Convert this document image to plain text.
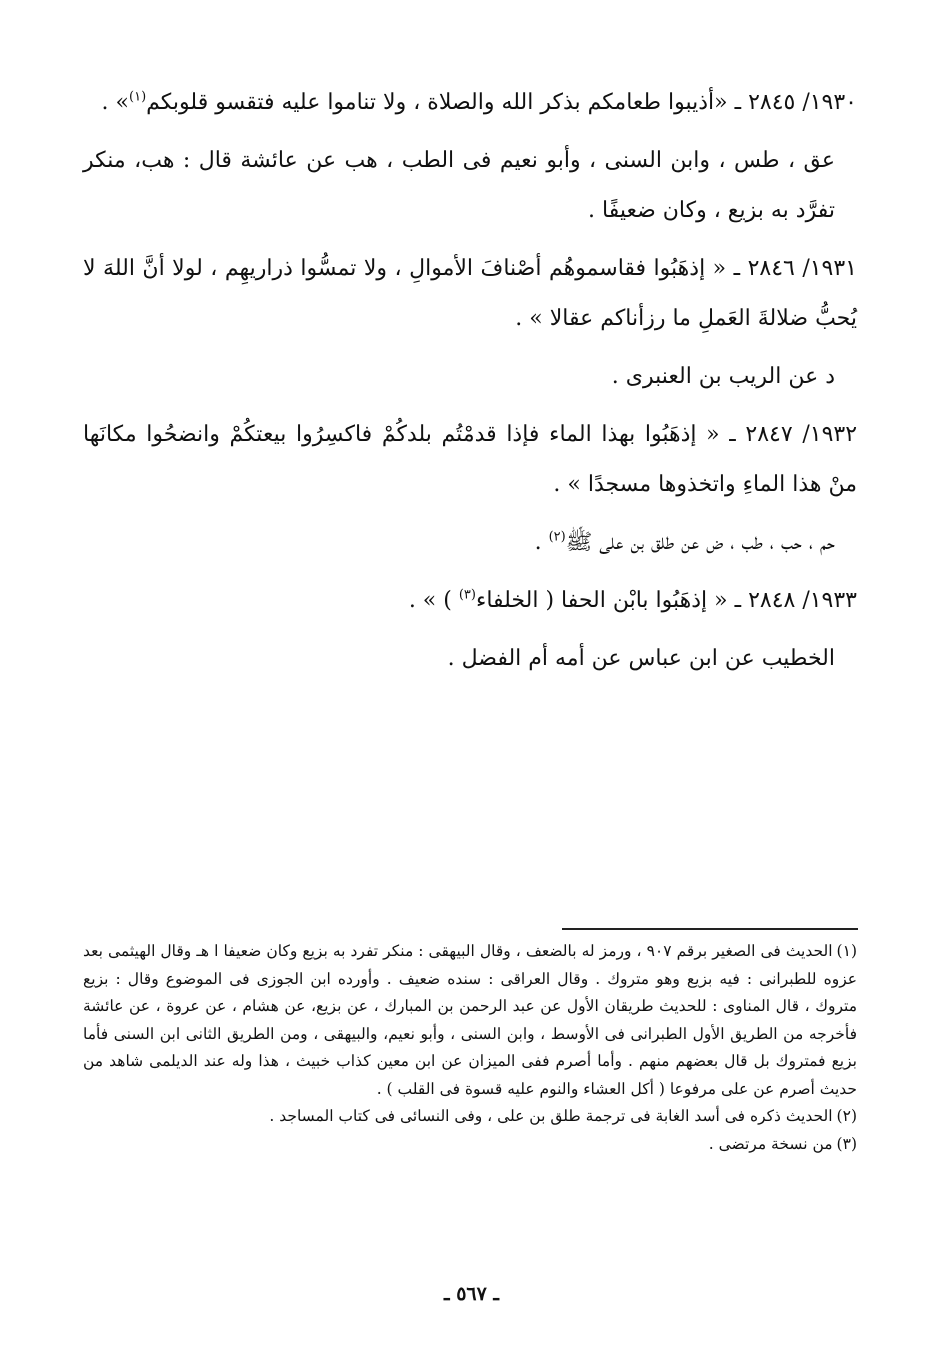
١٩٣٠/ ٢٨٤٥ ـ «أذيبوا طعامكم بذكر الله والصلاة ، ولا تناموا عليه فتقسو قلوبكم$^{(١)}$» .

عق ، طس ، وابن السنى ، وأبو نعيم فى الطب ، هب عن عائشة قال : هب، منكر تفرَّد به بزيع ، وكان ضعيفًا .

١٩٣١/ ٢٨٤٦ ـ « إذهَبُوا فقاسموهُم أصْنافَ الأموالِ ، ولا تمسُّوا ذراريهِم ، لولا أنَّ اللهَ لا يُحبُّ ضلالةَ العَملِ ما رزأناكم عقالا » .

د عن الريب بن العنبرى .

١٩٣٢/ ٢٨٤٧ ـ « إذهَبُوا بهذا الماء فإذا قدمْتُم بلدكُمْ فاكسِرُوا بيعتكُمْ وانضحُوا مكانَها منْ هذا الماءِ واتخذوها مسجدًا » .

حم ، حب ، طب ، ض عن طلق بن على ﷺ$^{(٢)}$ .

١٩٣٣/ ٢٨٤٨ ـ « إذهَبُوا بابْن الحفا ( الخلفاء$^{(٣)}$ ) » .

الخطيب عن ابن عباس عن أمه أم الفضل .

(١)الحديث فى الصغير برقم ٩٠٧ ، ورمز له بالضعف ، وقال البيهقى : منكر تفرد به بزيع وكان ضعيفا ا هـ وقال الهيثمى بعد عزوه للطبرانى : فيه بزيع وهو متروك . وقال العراقى : سنده ضعيف . وأورده ابن الجوزى فى الموضوع وقال : بزيع متروك ، قال المناوى : للحديث طريقان الأول عن عبد الرحمن بن المبارك ، عن بزيع، عن هشام ، عن عروة ، عن عائشة فأخرجه من الطريق الأول الطبرانى فى الأوسط ، وابن السنى ، وأبو نعيم، والبيهقى ، ومن الطريق الثانى ابن السنى فأما بزيع فمتروك بل قال بعضهم منهم . وأما أصرم ففى الميزان عن ابن معين كذاب خبيث ، هذا وله عند الديلمى شاهد من حديث أصرم عن على مرفوعا ( أكل العشاء والنوم عليه قسوة فى القلب ) .

(٢)الحديث ذكره فى أسد الغابة فى ترجمة طلق بن على ، وفى النسائى فى كتاب المساجد .

(٣)من نسخة مرتضى .

ـ ٥٦٧ ـ
